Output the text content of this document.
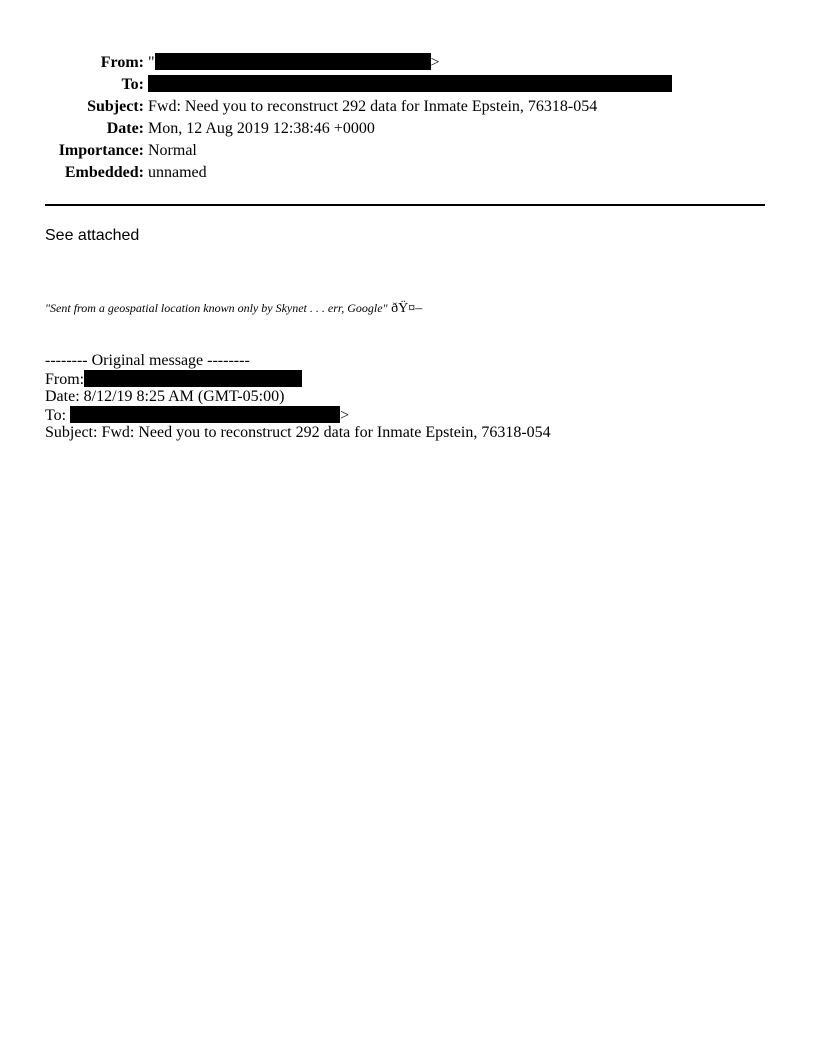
From: "	>
To:
Subject: Fwd: Need you to reconstruct 292 data for Inmate Epstein, 76318-054
Date: Mon, 12 Aug 2019 12:38:46 +0000
Importance: Normal
Embedded: unnamed
See attached
"Sent from a geospatial location known only by Skynet . . . err, Google" ðŸ¤–
-------- Original message --------
From:
Date: 8/12/19 8:25 AM (GMT-05:00)
To:	>
Subject: Fwd: Need you to reconstruct 292 data for Inmate Epstein, 76318-054
